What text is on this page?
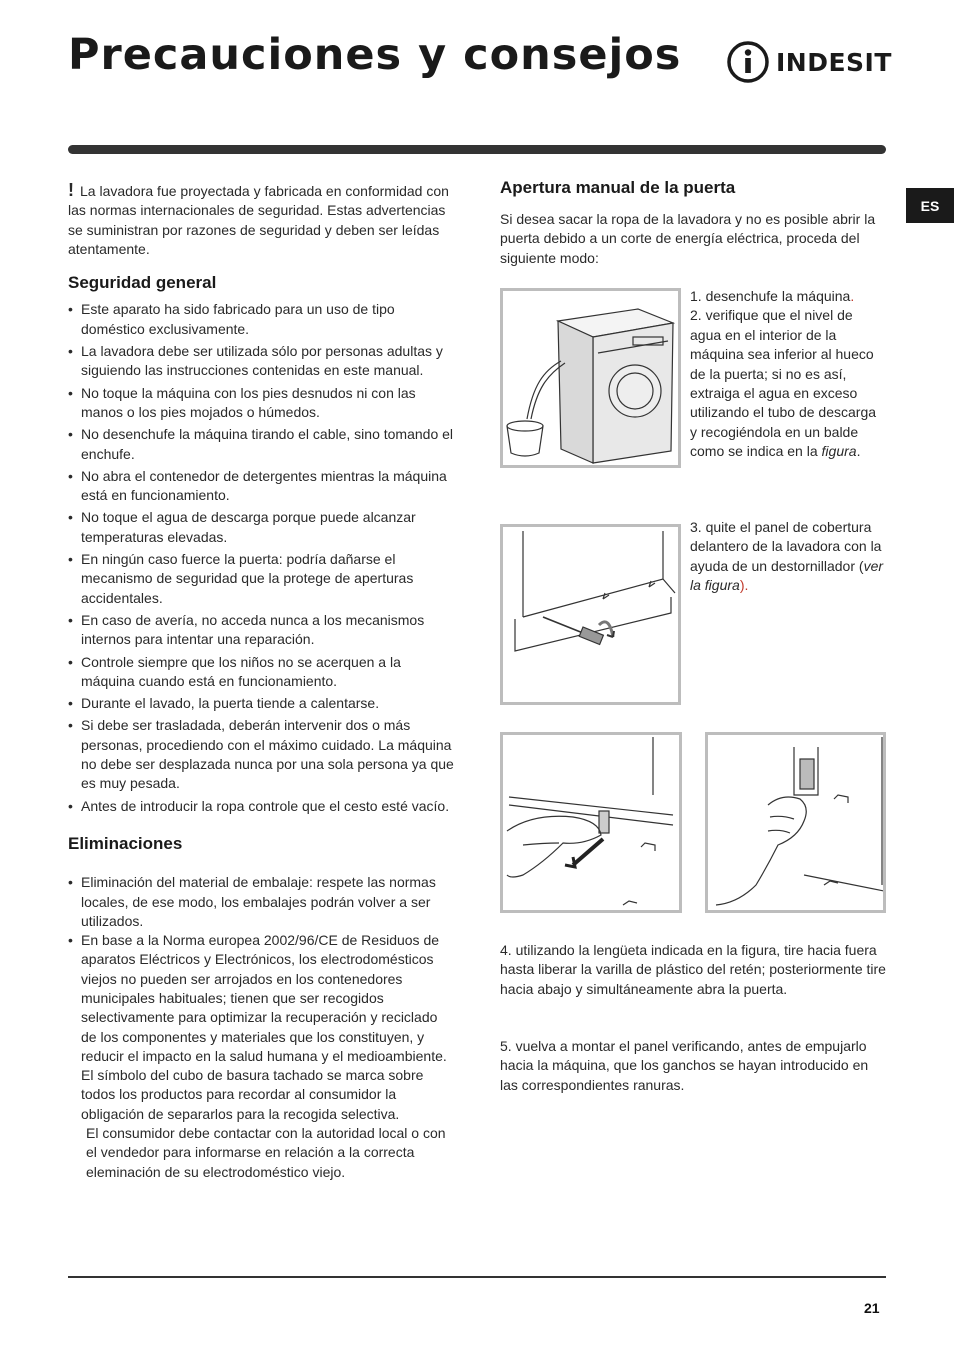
Precauciones y consejos	INDESIT
ES

! La lavadora fue proyectada y fabricada en conformidad con las normas internacionales de seguridad. Estas advertencias se suministran por razones de seguridad y deben ser leídas atentamente.

Seguridad general
• Este aparato ha sido fabricado para un uso de tipo doméstico exclusivamente.
• La lavadora debe ser utilizada sólo por personas adultas y siguiendo las instrucciones contenidas en este manual.
• No toque la máquina con los pies desnudos ni con las manos o los pies mojados o húmedos.
• No desenchufe la máquina tirando el cable, sino tomando el enchufe.
• No abra el contenedor de detergentes mientras la máquina está en funcionamiento.
• No toque el agua de descarga porque puede alcanzar temperaturas elevadas.
• En ningún caso fuerce la puerta: podría dañarse el mecanismo de seguridad que la protege de aperturas accidentales.
• En caso de avería, no acceda nunca a los mecanismos internos para intentar una reparación.
• Controle siempre que los niños no se acerquen a la máquina cuando está en funcionamiento.
• Durante el lavado, la puerta tiende a calentarse.
• Si debe ser trasladada, deberán intervenir dos o más personas, procediendo con el máximo cuidado. La máquina no debe ser desplazada nunca por una sola persona ya que es muy pesada.
• Antes de introducir la ropa controle que el cesto esté vacío.
Eliminaciones
• Eliminación del material de embalaje: respete las normas locales, de ese modo, los embalajes podrán volver a ser utilizados.
• En base a la Norma europea 2002/96/CE de Residuos de aparatos Eléctricos y Electrónicos, los electrodomésticos viejos no pueden ser arrojados en los contenedores municipales habituales; tienen que ser recogidos selectivamente para optimizar la recuperación y reciclado de los componentes y materiales que los constituyen, y reducir el impacto en la salud humana y el medioambiente. El símbolo del cubo de basura tachado se marca sobre todos los productos para recordar al consumidor la obligación de separarlos para la recogida selectiva.
El consumidor debe contactar con la autoridad local o con el vendedor para informarse en relación a la correcta eleminación de su electrodoméstico viejo.
Apertura manual de la puerta

Si desea sacar la ropa de la lavadora y no es posible abrir la puerta debido a un corte de energía eléctrica, proceda del siguiente modo:

1. desenchufe la máquina.
2. verifique que el nivel de agua en el interior de la máquina sea inferior al hueco de la puerta; si no es así, extraiga el agua en exceso utilizando el tubo de descarga y recogiéndola en un balde como se indica en la figura.
3. quite el panel de cobertura delantero de la lavadora con la ayuda de un destornillador (ver la figura).
4. utilizando la lengüeta indicada en la figura, tire hacia fuera hasta liberar la varilla de plástico del retén; posteriormente tire hacia abajo y simultáneamente abra la puerta.
5. vuelva a montar el panel verificando, antes de empujarlo hacia la máquina, que los ganchos se hayan introducido en las correspondientes ranuras.
21
